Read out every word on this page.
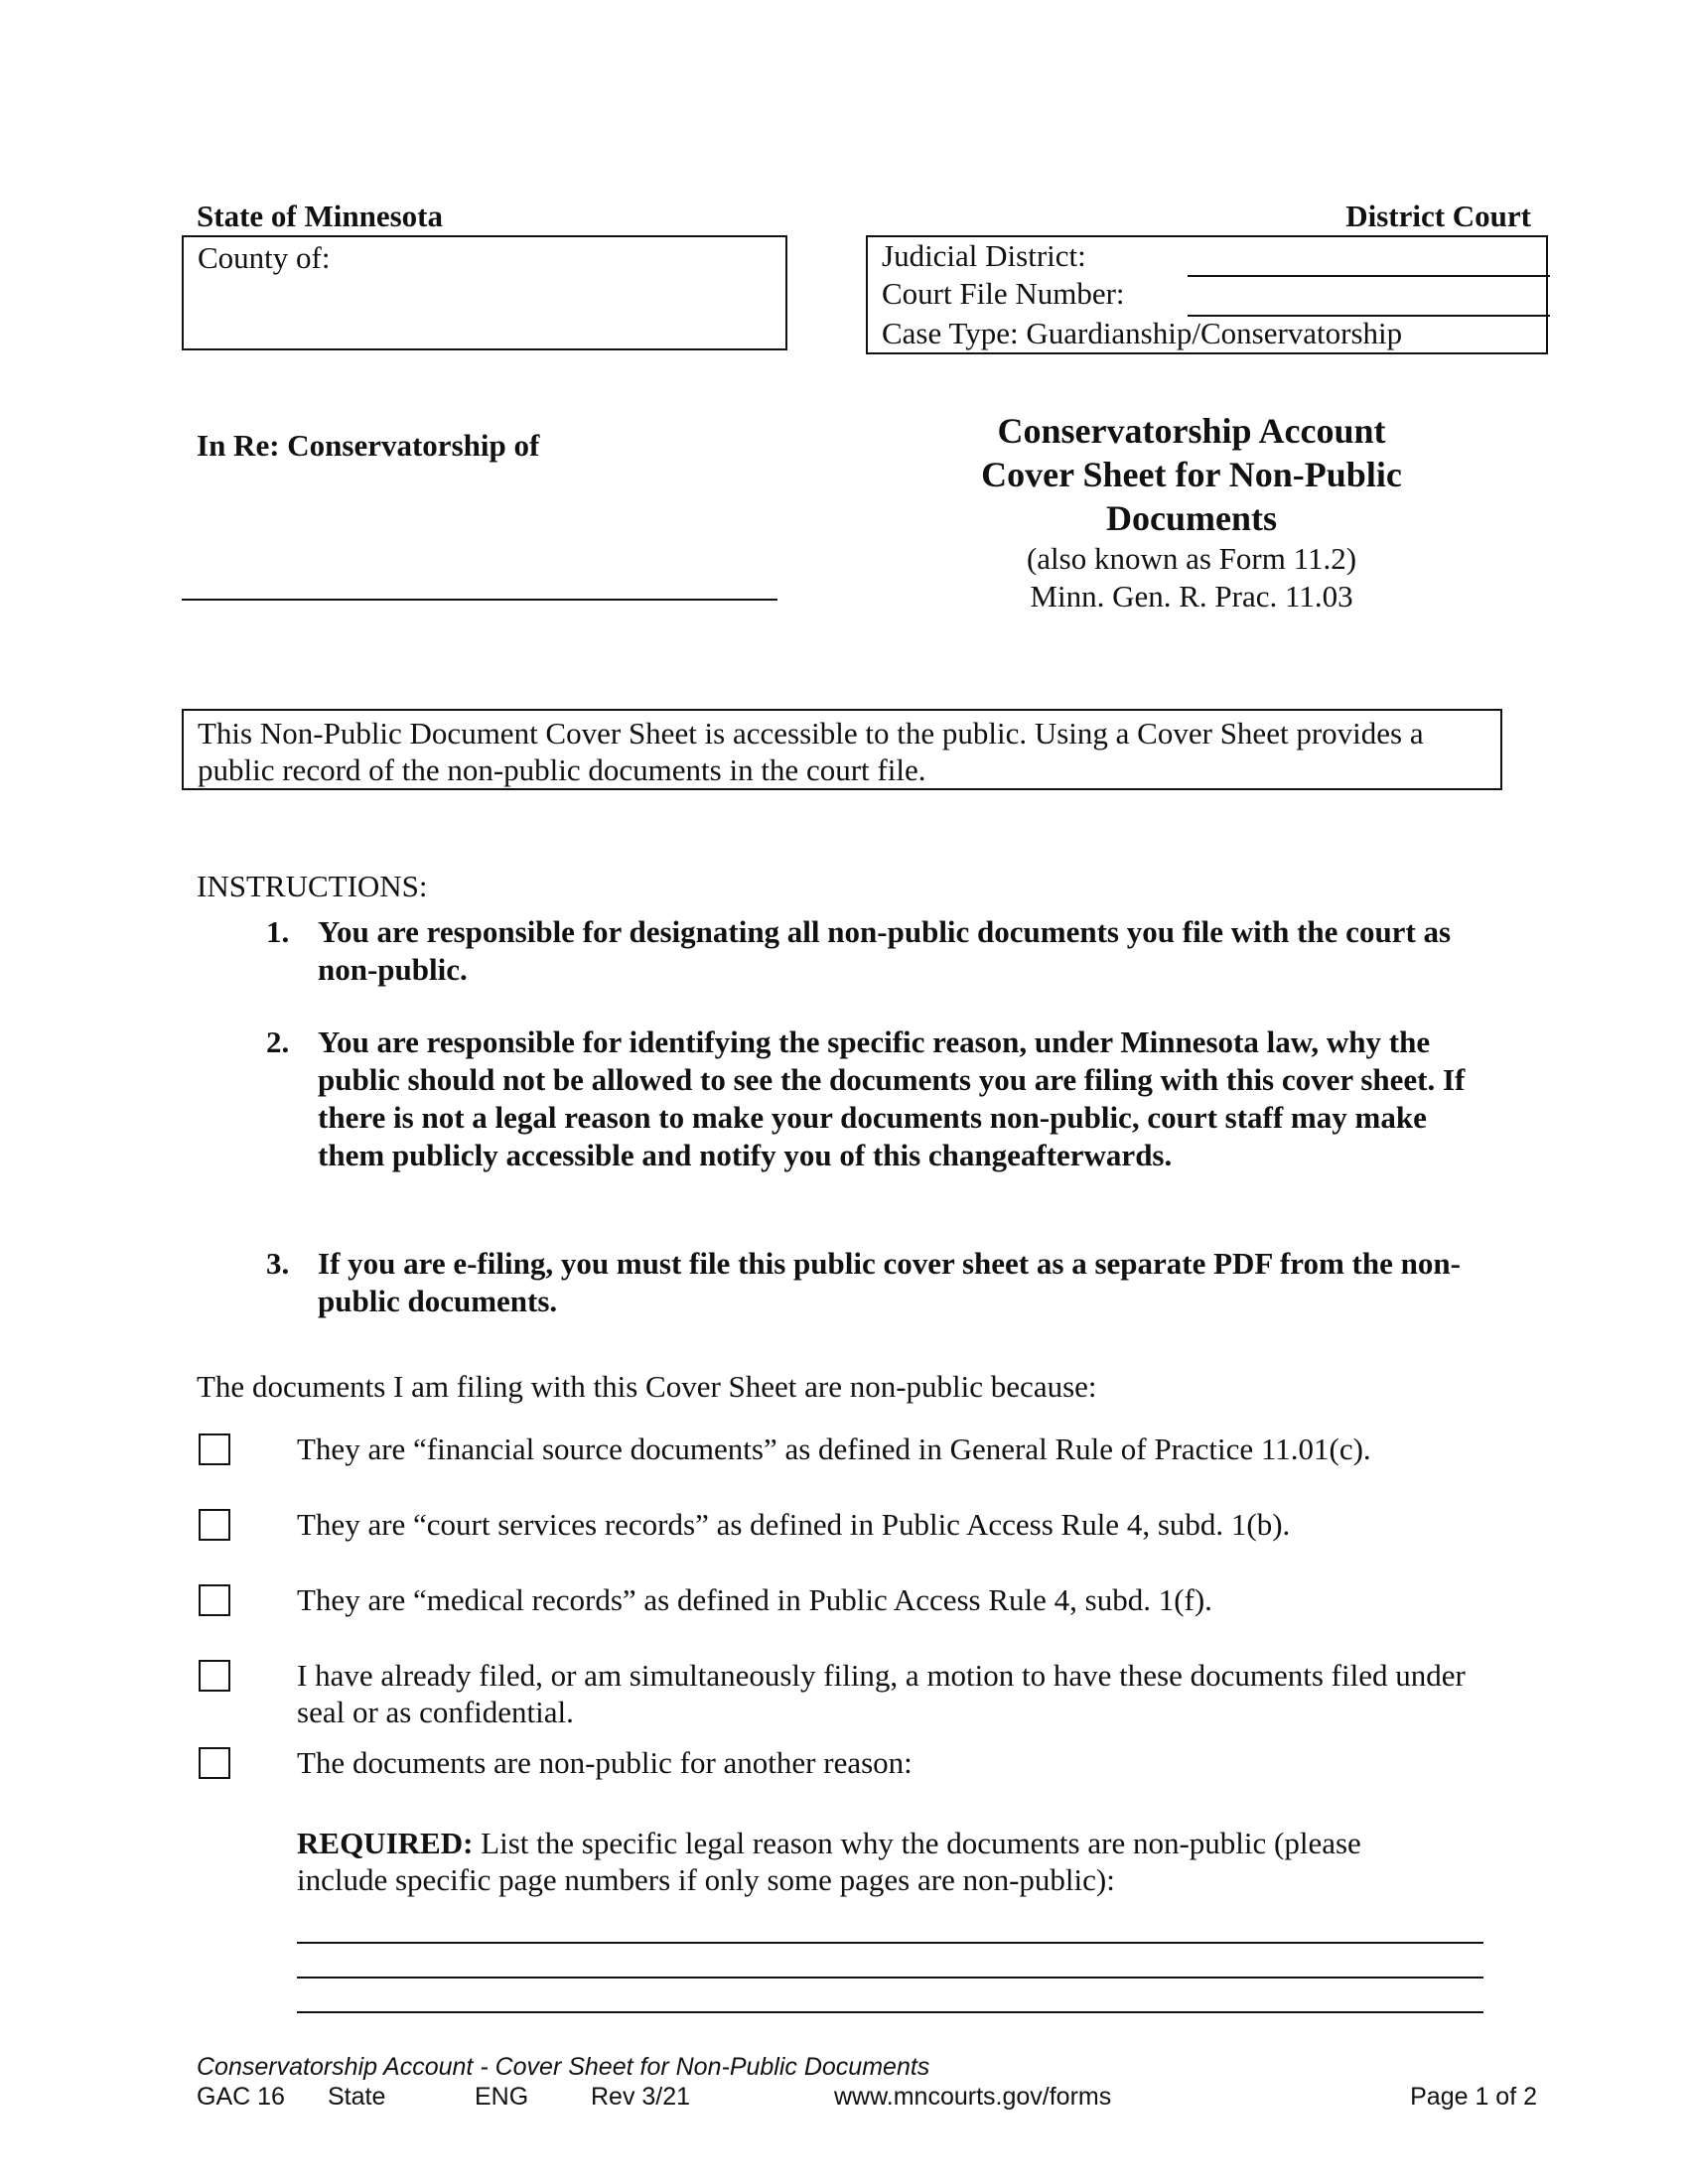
State of Minnesota	District Court
County of:	Judicial District:
Court File Number:
Case Type: Guardianship/Conservatorship
In Re: Conservatorship of	Conservatorship Account
Cover Sheet for Non-Public
Documents
(also known as Form 11.2)
Minn. Gen. R. Prac. 11.03

This Non-Public Document Cover Sheet is accessible to the public. Using a Cover Sheet provides a public record of the non-public documents in the court file.

INSTRUCTIONS:
1. You are responsible for designating all non-public documents you file with the court as non-public.
2. You are responsible for identifying the specific reason, under Minnesota law, why the public should not be allowed to see the documents you are filing with this cover sheet. If there is not a legal reason to make your documents non-public, court staff may make them publicly accessible and notify you of this changeafterwards.
3. If you are e-filing, you must file this public cover sheet as a separate PDF from the non-public documents.
The documents I am filing with this Cover Sheet are non-public because:
They are “financial source documents” as defined in General Rule of Practice 11.01(c).
They are “court services records” as defined in Public Access Rule 4, subd. 1(b).
They are “medical records” as defined in Public Access Rule 4, subd. 1(f).
I have already filed, or am simultaneously filing, a motion to have these documents filed under seal or as confidential.
The documents are non-public for another reason:
REQUIRED: List the specific legal reason why the documents are non-public (please include specific page numbers if only some pages are non-public):
Conservatorship Account - Cover Sheet for Non-Public Documents
GAC 16 State	ENG	Rev 3/21	www.mncourts.gov/forms	Page 1 of 2
